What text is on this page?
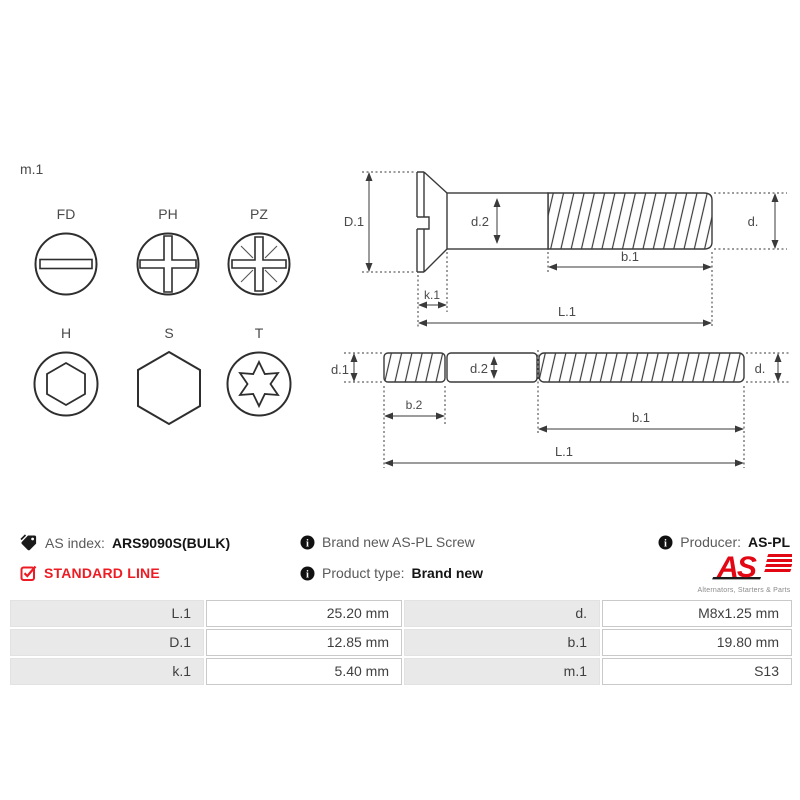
m.1
FD	PH	PZ
H	S	T
D.1	d.2	d.
b.1
k.1
L.1
d.1	d.2	d.
b.2
b.1
L.1
AS index: ARS9090S(BULK)	i Brand new AS-PL Screw	i Producer: AS-PL
STANDARD LINE	i Product type: Brand new	AS
Alternators, Starters & Parts
L.1	25.20 mm	d.	M8x1.25 mm
D.1	12.85 mm	b.1	19.80 mm
k.1	5.40 mm	m.1	S13
